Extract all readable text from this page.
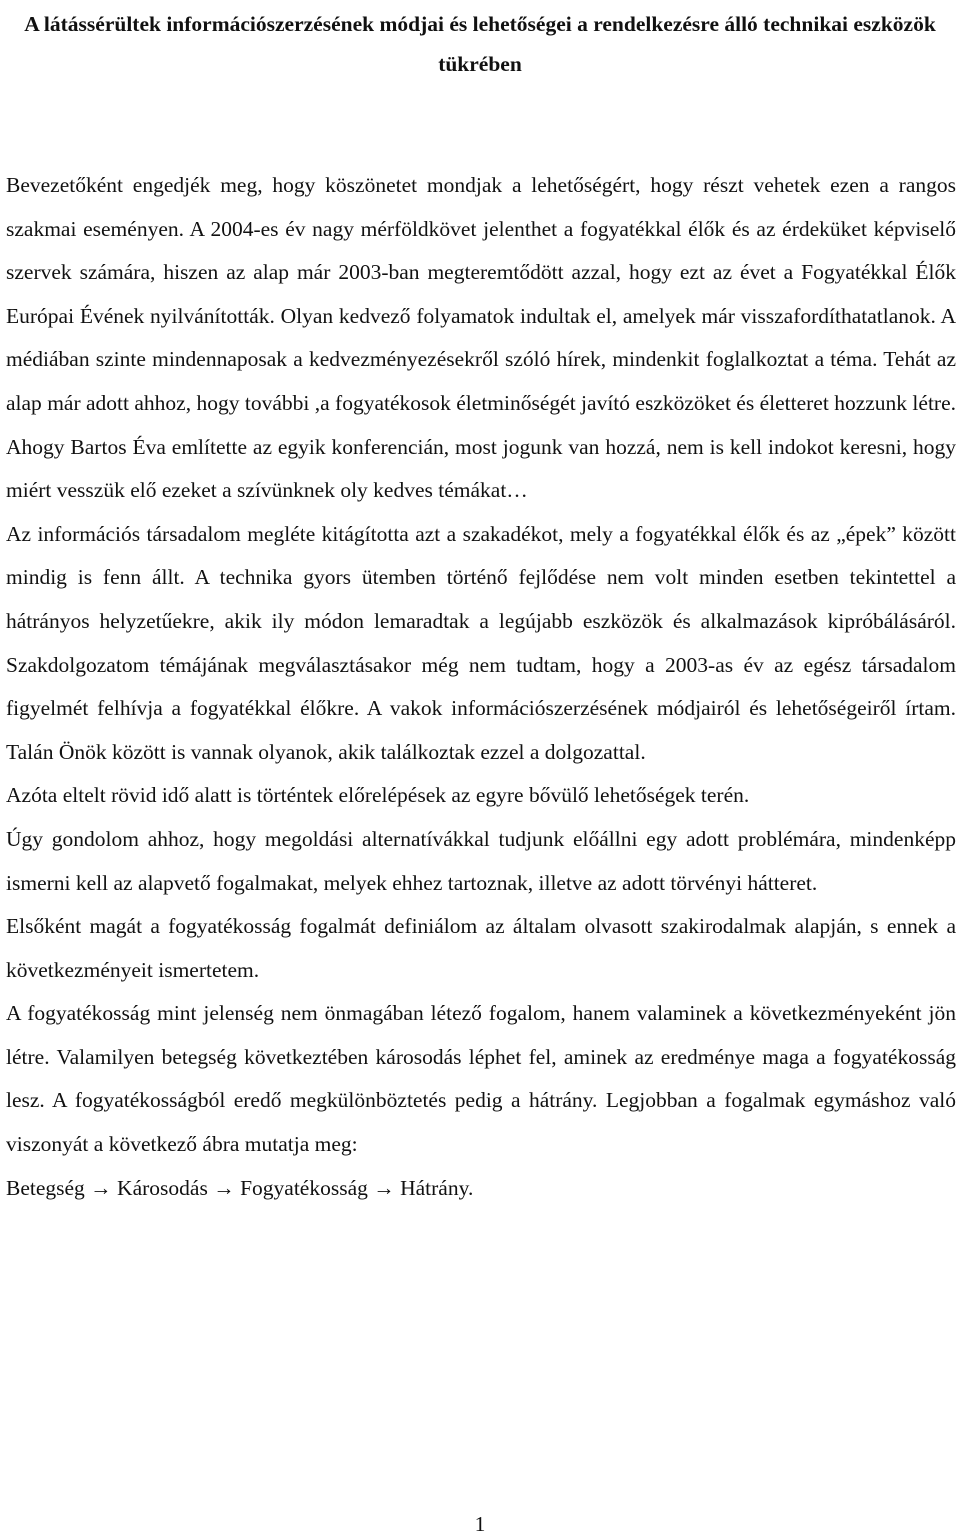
A látássérültek információszerzésének módjai és lehetőségei a rendelkezésre álló technikai eszközök tükrében

Bevezetőként engedjék meg, hogy köszönetet mondjak a lehetőségért, hogy részt vehetek ezen a rangos szakmai eseményen. A 2004-es év nagy mérföldkövet jelenthet a fogyatékkal élők és az érdeküket képviselő szervek számára, hiszen az alap már 2003-ban megteremtődött azzal, hogy ezt az évet a Fogyatékkal Élők Európai Évének nyilvánították. Olyan kedvező folyamatok indultak el, amelyek már visszafordíthatatlanok. A médiában szinte mindennaposak a kedvezményezésekről szóló hírek, mindenkit foglalkoztat a téma. Tehát az alap már adott ahhoz, hogy további ,a fogyatékosok életminőségét javító eszközöket és életteret hozzunk létre. Ahogy Bartos Éva említette az egyik konferencián, most jogunk van hozzá, nem is kell indokot keresni, hogy miért vesszük elő ezeket a szívünknek oly kedves témákat…

Az információs társadalom megléte kitágította azt a szakadékot, mely a fogyatékkal élők és az „épek” között mindig is fenn állt. A technika gyors ütemben történő fejlődése nem volt minden esetben tekintettel a hátrányos helyzetűekre, akik ily módon lemaradtak a legújabb eszközök és alkalmazások kipróbálásáról. Szakdolgozatom témájának megválasztásakor még nem tudtam, hogy a 2003-as év az egész társadalom figyelmét felhívja a fogyatékkal élőkre. A vakok információszerzésének módjairól és lehetőségeiről írtam. Talán Önök között is vannak olyanok, akik találkoztak ezzel a dolgozattal.

Azóta eltelt rövid idő alatt is történtek előrelépések az egyre bővülő lehetőségek terén.

Úgy gondolom ahhoz, hogy megoldási alternatívákkal tudjunk előállni egy adott problémára, mindenképp ismerni kell az alapvető fogalmakat, melyek ehhez tartoznak, illetve az adott törvényi hátteret.

Elsőként magát a fogyatékosság fogalmát definiálom az általam olvasott szakirodalmak alapján, s ennek a következményeit ismertetem.

A fogyatékosság mint jelenség nem önmagában létező fogalom, hanem valaminek a következményeként jön létre. Valamilyen betegség következtében károsodás léphet fel, aminek az eredménye maga a fogyatékosság lesz. A fogyatékosságból eredő megkülönböztetés pedig a hátrány. Legjobban a fogalmak egymáshoz való viszonyát a következő ábra mutatja meg:

Betegség → Károsodás → Fogyatékosság → Hátrány.

1
